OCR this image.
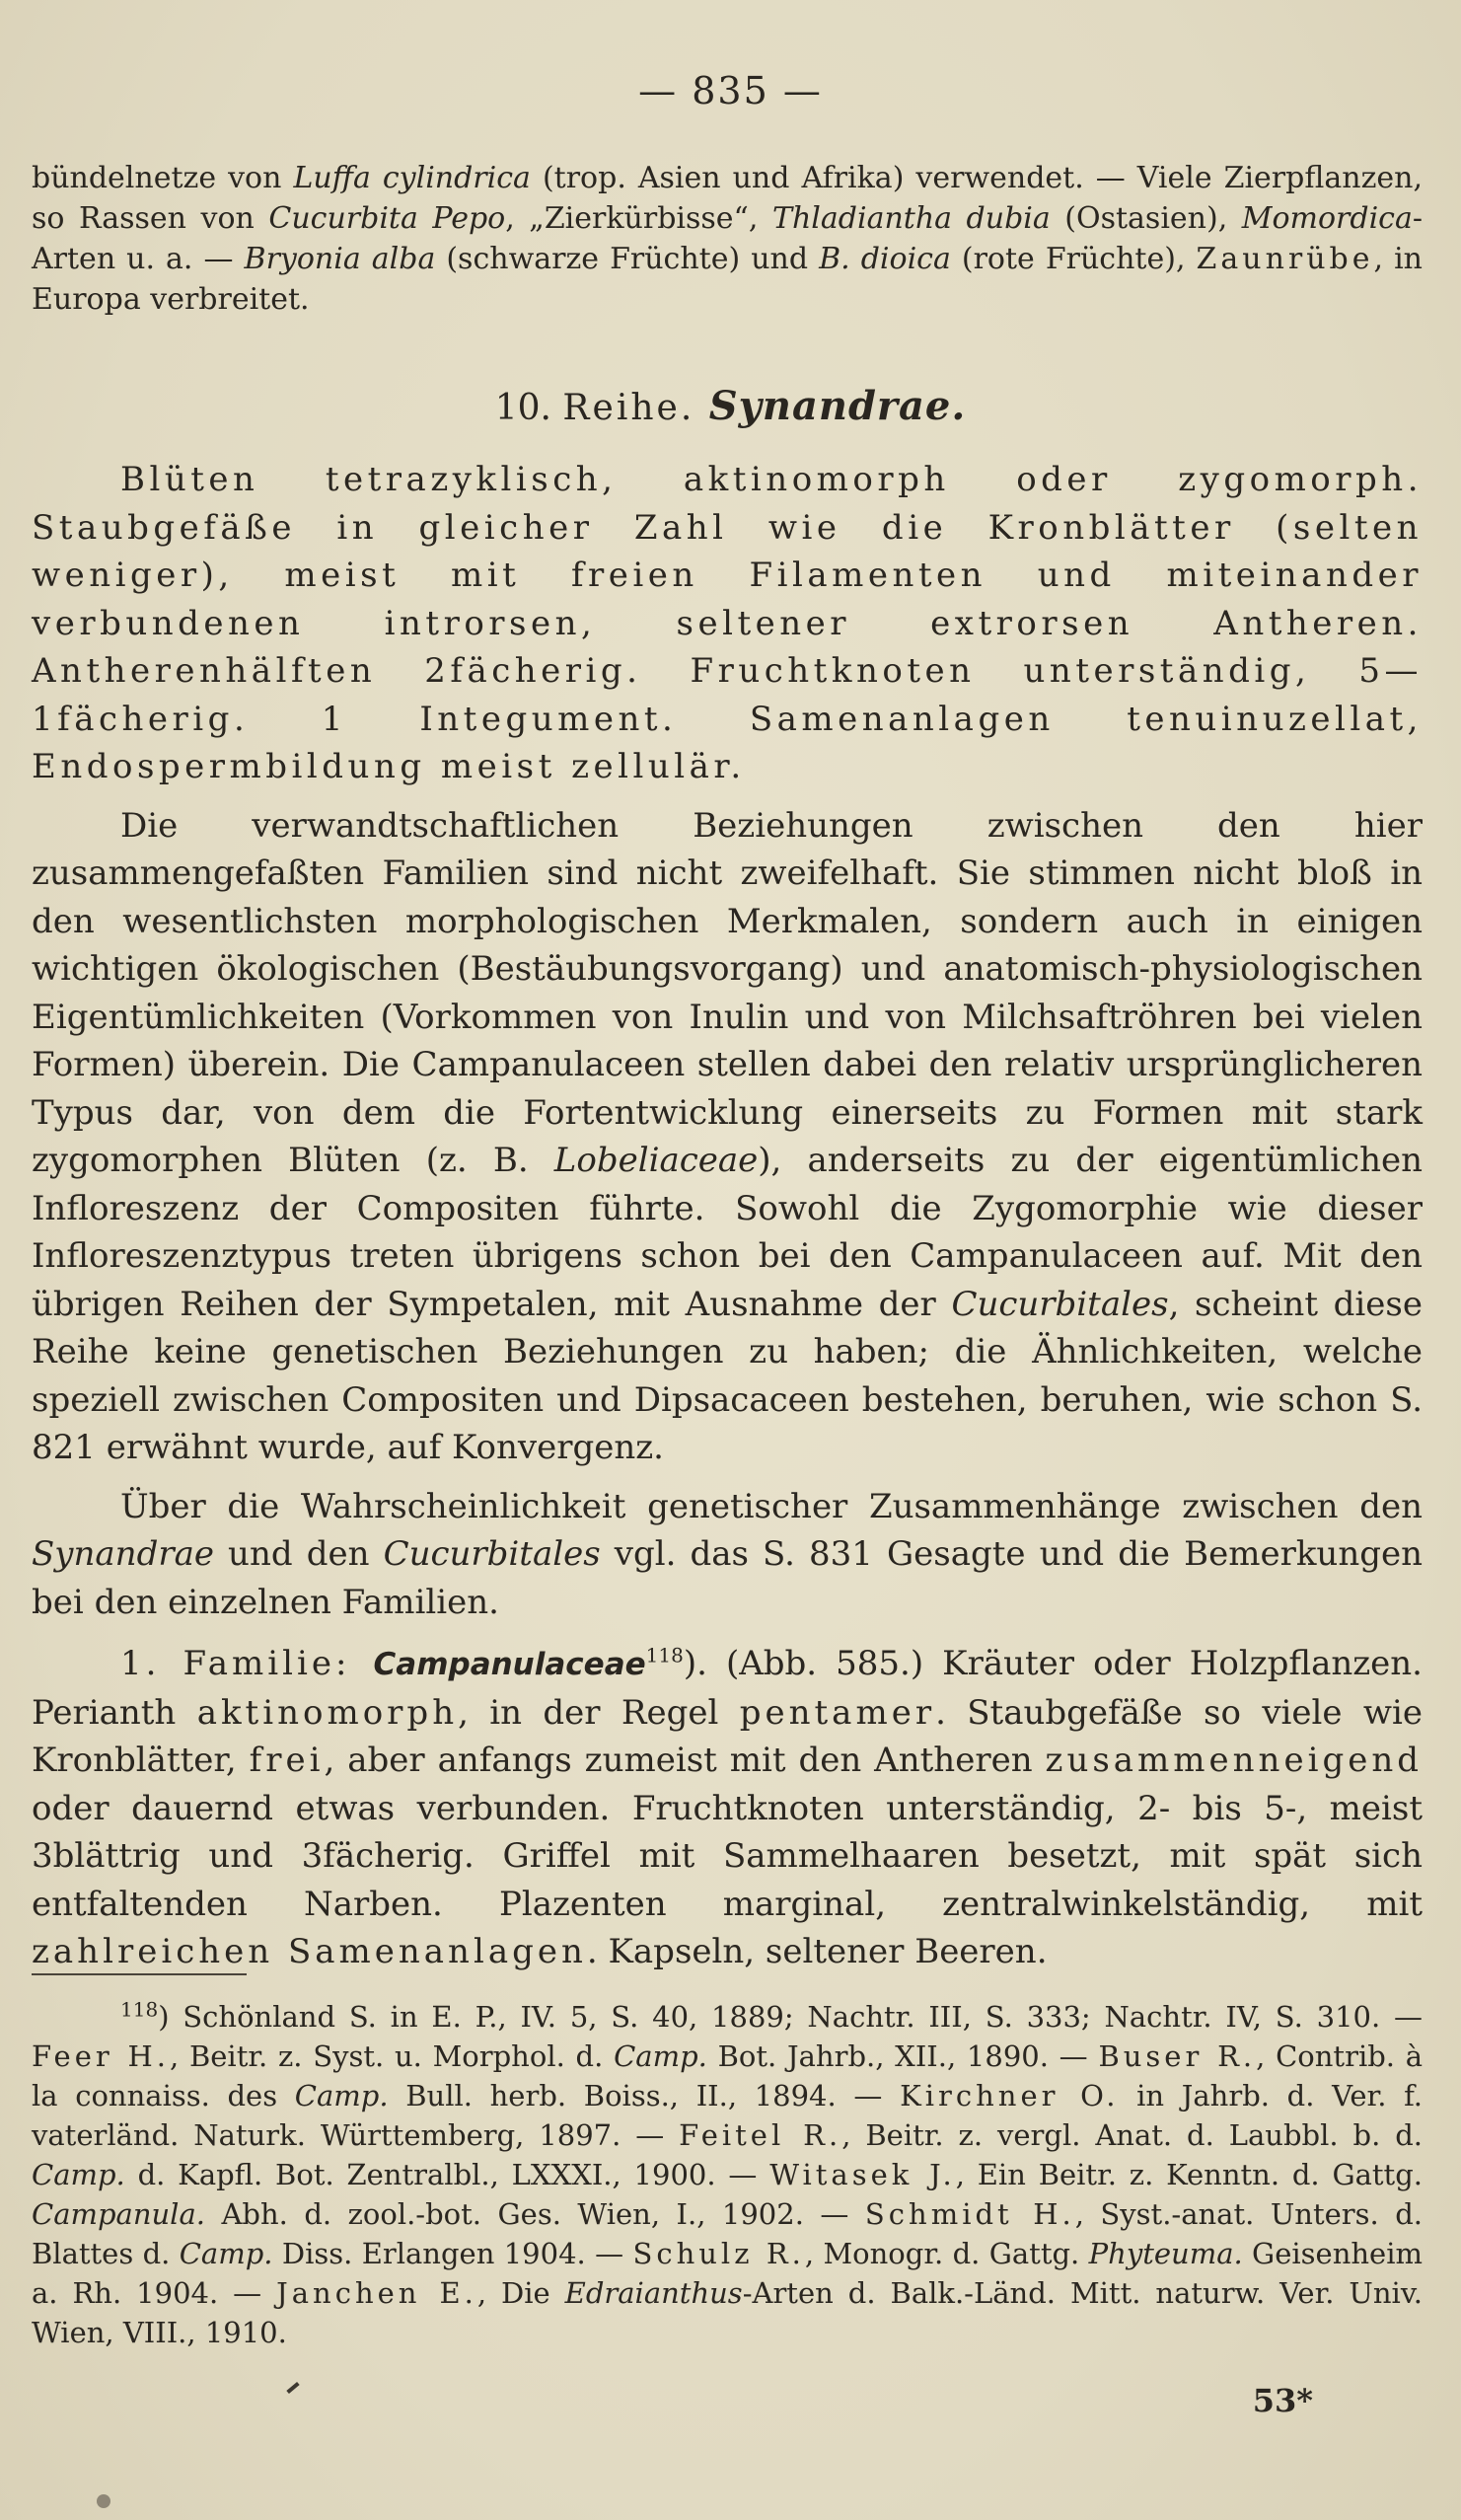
— 835 —

bündelnetze von Luffa cylindrica (trop. Asien und Afrika) verwendet. — Viele Zierpflanzen, so Rassen von Cucurbita Pepo, „Zierkürbisse“, Thladiantha dubia (Ostasien), Momordica-Arten u. a. — Bryonia alba (schwarze Früchte) und B. dioica (rote Früchte), Zaunrübe, in Europa verbreitet.

10. Reihe. Synandrae.

Blüten tetrazyklisch, aktinomorph oder zygomorph. Staubgefäße in gleicher Zahl wie die Kronblätter (selten weniger), meist mit freien Filamenten und miteinander verbundenen introrsen, seltener extrorsen Antheren. Antherenhälften 2fächerig. Fruchtknoten unterständig, 5—1fächerig. 1 Integument. Samenanlagen tenuinuzellat, Endospermbildung meist zellulär.

Die verwandtschaftlichen Beziehungen zwischen den hier zusammengefaßten Familien sind nicht zweifelhaft. Sie stimmen nicht bloß in den wesentlichsten morphologischen Merkmalen, sondern auch in einigen wichtigen ökologischen (Bestäubungsvorgang) und anatomisch-physiologischen Eigentümlichkeiten (Vorkommen von Inulin und von Milchsaftröhren bei vielen Formen) überein. Die Campanulaceen stellen dabei den relativ ursprünglicheren Typus dar, von dem die Fortentwicklung einerseits zu Formen mit stark zygomorphen Blüten (z. B. Lobeliaceae), anderseits zu der eigentümlichen Infloreszenz der Compositen führte. Sowohl die Zygomorphie wie dieser Infloreszenztypus treten übrigens schon bei den Campanulaceen auf. Mit den übrigen Reihen der Sympetalen, mit Ausnahme der Cucurbitales, scheint diese Reihe keine genetischen Beziehungen zu haben; die Ähnlichkeiten, welche speziell zwischen Compositen und Dipsacaceen bestehen, beruhen, wie schon S. 821 erwähnt wurde, auf Konvergenz.

Über die Wahrscheinlichkeit genetischer Zusammenhänge zwischen den Synandrae und den Cucurbitales vgl. das S. 831 Gesagte und die Bemerkungen bei den einzelnen Familien.

1. Familie: Campanulaceae$^{118}$). (Abb. 585.) Kräuter oder Holzpflanzen. Perianth aktinomorph, in der Regel pentamer. Staubgefäße so viele wie Kronblätter, frei, aber anfangs zumeist mit den Antheren zusammenneigend oder dauernd etwas verbunden. Fruchtknoten unterständig, 2- bis 5-, meist 3blättrig und 3fächerig. Griffel mit Sammelhaaren besetzt, mit spät sich entfaltenden Narben. Plazenten marginal, zentralwinkelständig, mit zahlreichen Samenanlagen. Kapseln, seltener Beeren.

$^{118}$) Schönland S. in E. P., IV. 5, S. 40, 1889; Nachtr. III, S. 333; Nachtr. IV, S. 310. — Feer H., Beitr. z. Syst. u. Morphol. d. Camp. Bot. Jahrb., XII., 1890. — Buser R., Contrib. à la connaiss. des Camp. Bull. herb. Boiss., II., 1894. — Kirchner O. in Jahrb. d. Ver. f. vaterländ. Naturk. Württemberg, 1897. — Feitel R., Beitr. z. vergl. Anat. d. Laubbl. b. d. Camp. d. Kapfl. Bot. Zentralbl., LXXXI., 1900. — Witasek J., Ein Beitr. z. Kenntn. d. Gattg. Campanula. Abh. d. zool.-bot. Ges. Wien, I., 1902. — Schmidt H., Syst.-anat. Unters. d. Blattes d. Camp. Diss. Erlangen 1904. — Schulz R., Monogr. d. Gattg. Phyteuma. Geisenheim a. Rh. 1904. — Janchen E., Die Edraianthus-Arten d. Balk.-Länd. Mitt. naturw. Ver. Univ. Wien, VIII., 1910.

53*
